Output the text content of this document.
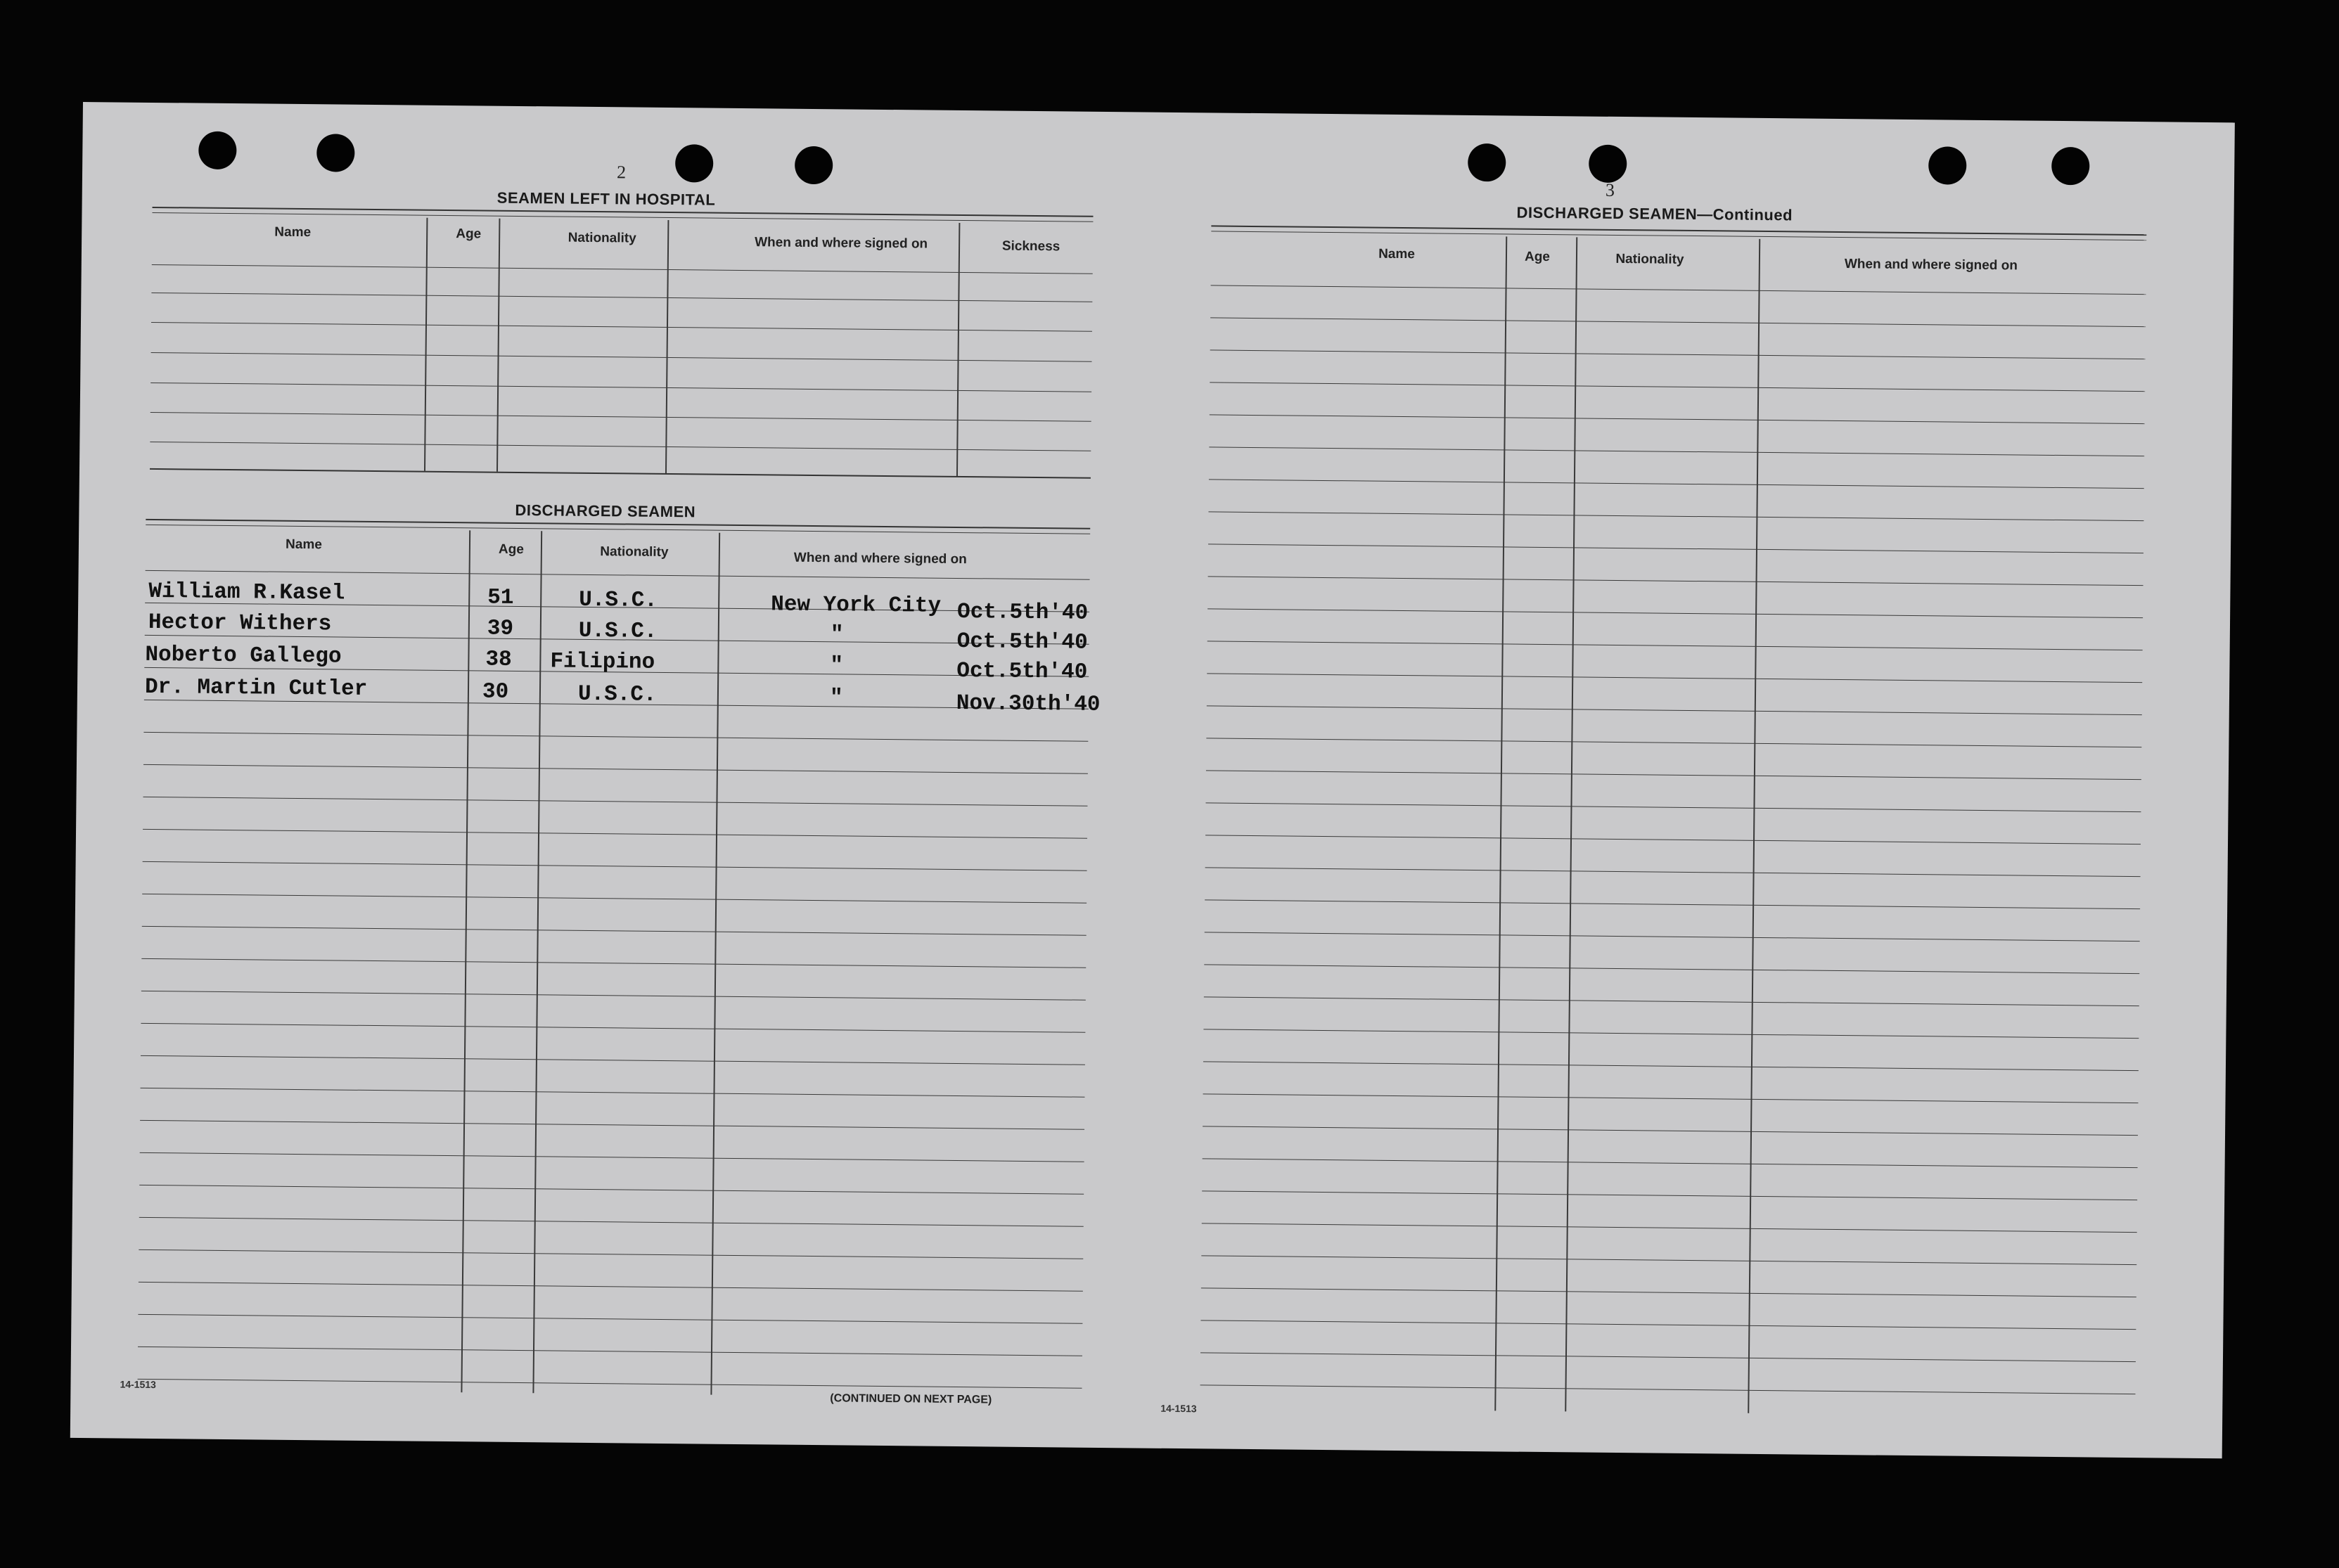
2
SEAMEN LEFT IN HOSPITAL
Name	Age	Nationality	When and where signed on	Sickness
DISCHARGED SEAMEN
Name	Age	Nationality	When and where signed on
William R.Kasel	51	U.S.C.	New York City Oct.5th'40
Hector Withers	39	U.S.C.	"	Oct.5th'40
Noberto Gallego	38 Filipino	"	Oct.5th'40
Dr. Martin Cutler	30	U.S.C.	"	Nov.30th'40
14-1513
(CONTINUED ON NEXT PAGE)
3
DISCHARGED SEAMEN—Continued
Name	Age	Nationality	When and where signed on
14-1513
